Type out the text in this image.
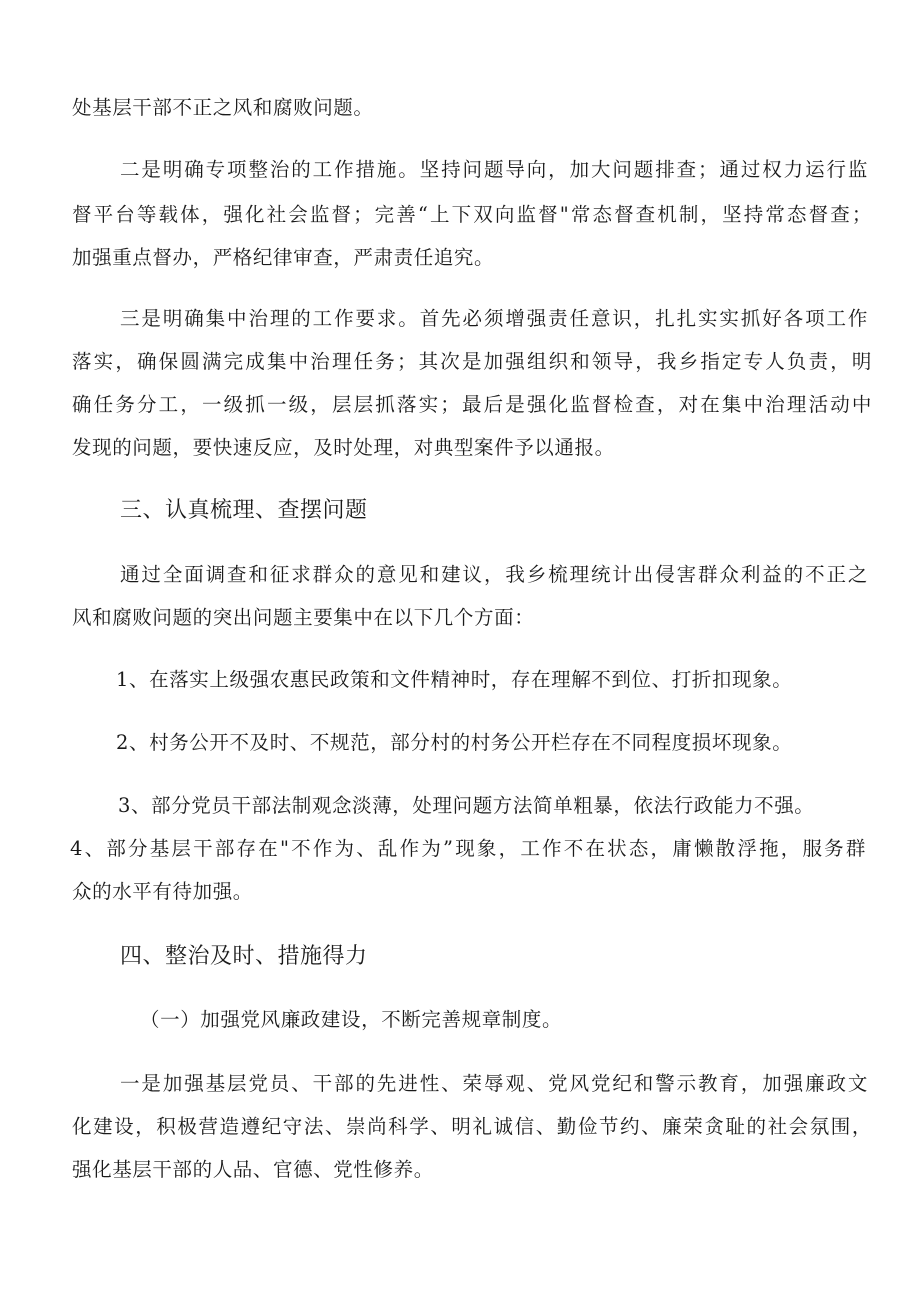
处基层干部不正之风和腐败问题。
二是明确专项整治的工作措施。坚持问题导向，加大问题排查；通过权力运行监
督平台等载体，强化社会监督；完善“上下双向监督"常态督查机制，坚持常态督查；
加强重点督办，严格纪律审查，严肃责任追究。
三是明确集中治理的工作要求。首先必须增强责任意识，扎扎实实抓好各项工作
落实，确保圆满完成集中治理任务；其次是加强组织和领导，我乡指定专人负责，明
确任务分工，一级抓一级，层层抓落实；最后是强化监督检查，对在集中治理活动中
发现的问题，要快速反应，及时处理，对典型案件予以通报。
三、认真梳理、查摆问题
通过全面调查和征求群众的意见和建议，我乡梳理统计出侵害群众利益的不正之
风和腐败问题的突出问题主要集中在以下几个方面：
1、在落实上级强农惠民政策和文件精神时，存在理解不到位、打折扣现象。
2、村务公开不及时、不规范，部分村的村务公开栏存在不同程度损坏现象。
3、部分党员干部法制观念淡薄，处理问题方法简单粗暴，依法行政能力不强。
4、部分基层干部存在"不作为、乱作为”现象，工作不在状态，庸懒散浮拖，服务群
众的水平有待加强。
四、整治及时、措施得力
（一）加强党风廉政建设，不断完善规章制度。
一是加强基层党员、干部的先进性、荣辱观、党风党纪和警示教育，加强廉政文
化建设，积极营造遵纪守法、崇尚科学、明礼诚信、勤俭节约、廉荣贪耻的社会氛围，
强化基层干部的人品、官德、党性修养。
